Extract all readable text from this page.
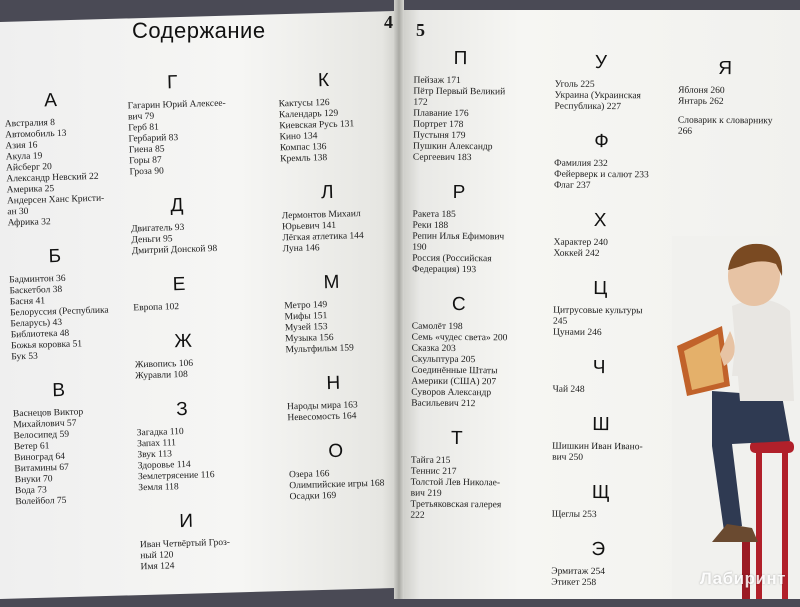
4 5
Содержание
А
Австралия 8
Автомобиль 13
Азия 16
Акула 19
Айсберг 20
Александр Невский 22
Америка 25
Андерсен Ханс Кристи-
ан 30
Африка 32
Б
Бадминтон 36
Баскетбол 38
Басня 41
Белоруссия (Республика
Беларусь) 43
Библиотека 48
Божья коровка 51
Бук 53
В
Васнецов Виктор
Михайлович 57
Велосипед 59
Ветер 61
Виноград 64
Витамины 67
Внуки 70
Вода 73
Волейбол 75
Г
Гагарин Юрий Алексее-
вич 79
Герб 81
Гербарий 83
Гиена 85
Горы 87
Гроза 90
Д
Двигатель 93
Деньги 95
Дмитрий Донской 98
Е
Европа 102
Ж
Живопись 106
Журавли 108
З
Загадка 110
Запах 111
Звук 113
Здоровье 114
Землетрясение 116
Земля 118
И
Иван Четвёртый Гроз-
ный 120
Имя 124
К
Кактусы 126
Календарь 129
Киевская Русь 131
Кино 134
Компас 136
Кремль 138
Л
Лермонтов Михаил
Юрьевич 141
Лёгкая атлетика 144
Луна 146
М
Метро 149
Мифы 151
Музей 153
Музыка 156
Мультфильм 159
Н
Народы мира 163
Невесомость 164
О
Озера 166
Олимпийские игры 168
Осадки 169
П
Пейзаж 171
Пётр Первый Великий
172
Плавание 176
Портрет 178
Пустыня 179
Пушкин Александр
Сергеевич 183
Р
Ракета 185
Реки 188
Репин Илья Ефимович
190
Россия (Российская
Федерация) 193
С
Самолёт 198
Семь «чудес света» 200
Сказка 203
Скульптура 205
Соединённые Штаты
Америки (США) 207
Суворов Александр
Васильевич 212
Т
Тайга 215
Теннис 217
Толстой Лев Николае-
вич 219
Третьяковская галерея
222
У
Уголь 225
Украина (Украинская
Республика) 227
Ф
Фамилия 232
Фейерверк и салют 233
Флаг 237
Х
Характер 240
Хоккей 242
Ц
Цитрусовые культуры
245
Цунами 246
Ч
Чай 248
Ш
Шишкин Иван Ивано-
вич 250
Щ
Щеглы 253
Э
Эрмитаж 254
Этикет 258
Я
Яблоня 260
Янтарь 262
Словарик к словарнику
266
Лабиринт
